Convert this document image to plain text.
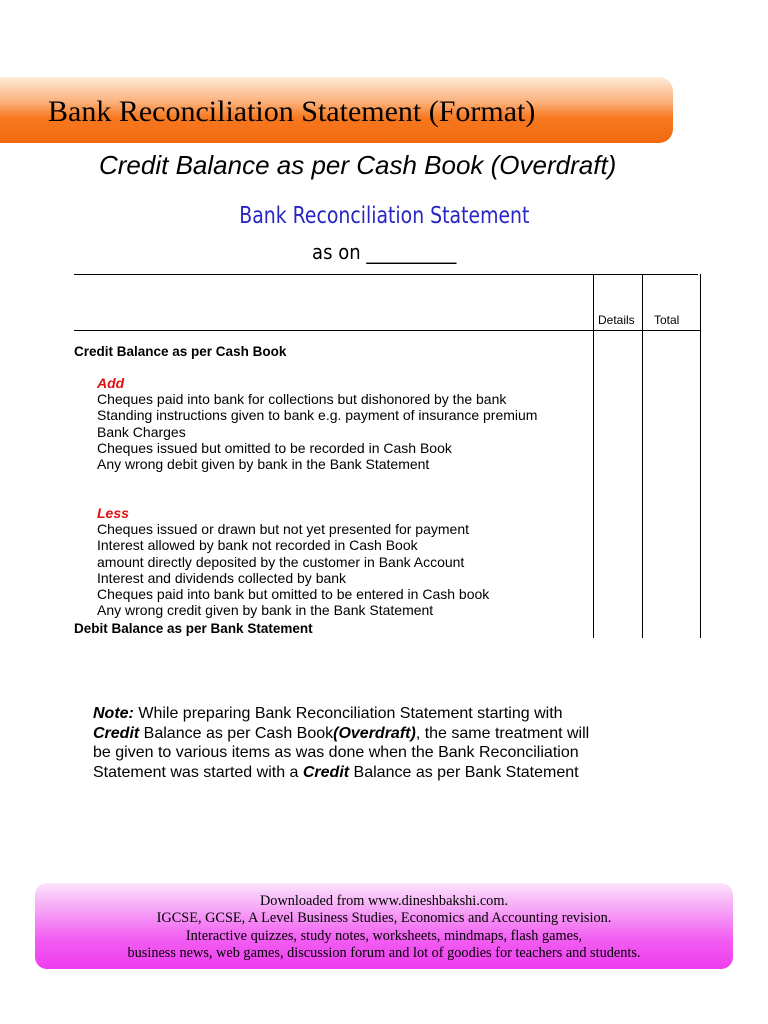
Bank Reconciliation Statement (Format)
Credit Balance as per Cash Book (Overdraft)
Bank Reconciliation Statement
as on __________
Details Total
Credit Balance as per Cash Book
Add
Cheques paid into bank for collections but dishonored by the bank
Standing instructions given to bank e.g. payment of insurance premium
Bank Charges
Cheques issued but omitted to be recorded in Cash Book
Any wrong debit given by bank in the Bank Statement
Less
Cheques issued or drawn but not yet presented for payment
Interest allowed by bank not recorded in Cash Book
amount directly deposited by the customer in Bank Account
Interest and dividends collected by bank
Cheques paid into bank but omitted to be entered in Cash book
Any wrong credit given by bank in the Bank Statement
Debit Balance as per Bank Statement
Note: While preparing Bank Reconciliation Statement starting with
Credit Balance as per Cash Book(Overdraft), the same treatment will
be given to various items as was done when the Bank Reconciliation
Statement was started with a Credit Balance as per Bank Statement
Downloaded from www.dineshbakshi.com.
IGCSE, GCSE, A Level Business Studies, Economics and Accounting revision.
Interactive quizzes, study notes, worksheets, mindmaps, flash games,
business news, web games, discussion forum and lot of goodies for teachers and students.
